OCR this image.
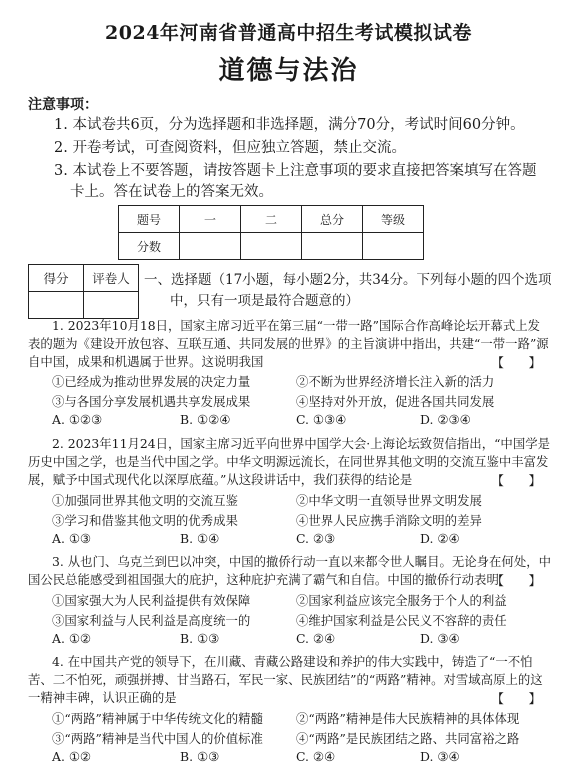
2024年河南省普通高中招生考试模拟试卷
道德与法治
注意事项：
1. 本试卷共6页，分为选择题和非选择题，满分70分，考试时间60分钟。
2. 开卷考试，可查阅资料，但应独立答题，禁止交流。
3. 本试卷上不要答题，请按答题卡上注意事项的要求直接把答案填写在答题
卡上。答在试卷上的答案无效。
题号	一	二	总分	等级
分数				
得分	评卷人
	一、选择题（17小题，每小题2分，共34分。下列每小题的四个选项
中，只有一项是最符合题意的）
1. 2023年10月18日，国家主席习近平在第三届“一带一路”国际合作高峰论坛开幕式上发表的题为《建设开放包容、互联互通、共同发展的世界》的主旨演讲中指出，共建“一带一路”源自中国，成果和机遇属于世界。这说明我国	【　　】
①已经成为推动世界发展的决定力量	②不断为世界经济增长注入新的活力
③与各国分享发展机遇共享发展成果	④坚持对外开放，促进各国共同发展
A. ①②③	B. ①②④	C. ①③④	D. ②③④
2. 2023年11月24日，国家主席习近平向世界中国学大会·上海论坛致贺信指出，“中国学是历史中国之学，也是当代中国之学。中华文明源远流长，在同世界其他文明的交流互鉴中丰富发展，赋予中国式现代化以深厚底蕴。”从这段讲话中，我们获得的结论是	【　　】
①加强同世界其他文明的交流互鉴	②中华文明一直领导世界文明发展
③学习和借鉴其他文明的优秀成果	④世界人民应携手消除文明的差异
A. ①③	B. ①④	C. ②③	D. ②④
3. 从也门、乌克兰到巴以冲突，中国的撤侨行动一直以来都令世人瞩目。无论身在何处，中国公民总能感受到祖国强大的庇护，这种庇护充满了霸气和自信。中国的撤侨行动表明
【　　】
①国家强大为人民利益提供有效保障	②国家利益应该完全服务于个人的利益
③国家利益与人民利益是高度统一的	④维护国家利益是公民义不容辞的责任
A. ①②	B. ①③	C. ②④	D. ③④
4. 在中国共产党的领导下，在川藏、青藏公路建设和养护的伟大实践中，铸造了“一不怕苦、二不怕死，顽强拼搏、甘当路石，军民一家、民族团结”的“两路”精神。对雪域高原上的这一精神丰碑，认识正确的是	【　　】
①“两路”精神属于中华传统文化的精髓	②“两路”精神是伟大民族精神的具体体现
③“两路”精神是当代中国人的价值标准	④“两路”是民族团结之路、共同富裕之路
A. ①②	B. ①③	C. ②④	D. ③④
